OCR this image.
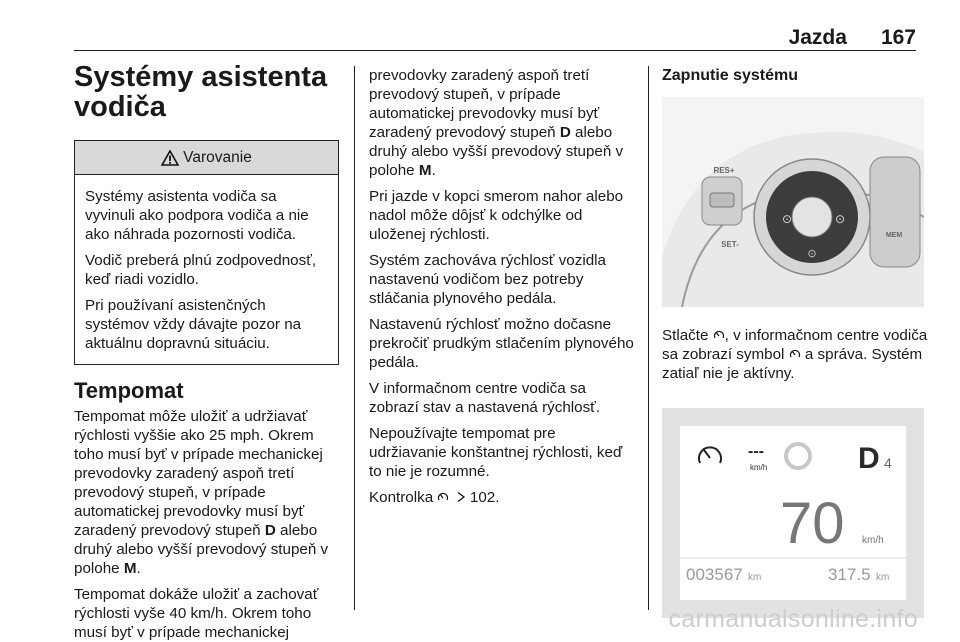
Jazda 167
Systémy asistenta
vodiča
Varovanie

Systémy asistenta vodiča sa vyvinuli ako podpora vodiča a nie ako náhrada pozornosti vodiča.

Vodič preberá plnú zodpovednosť, keď riadi vozidlo.

Pri používaní asistenčných systémov vždy dávajte pozor na aktuálnu dopravnú situáciu.

Tempomat

Tempomat môže uložiť a udržiavať rýchlosti vyššie ako 25 mph. Okrem toho musí byť v prípade mechanickej prevodovky zaradený aspoň tretí prevodový stupeň, v prípade automatickej prevodovky musí byť zaradený prevodový stupeň D alebo druhý alebo vyšší prevodový stupeň v polohe M.

Tempomat dokáže uložiť a zachovať rýchlosti vyše 40 km/h. Okrem toho musí byť v prípade mechanickej

prevodovky zaradený aspoň tretí prevodový stupeň, v prípade automatickej prevodovky musí byť zaradený prevodový stupeň D alebo druhý alebo vyšší prevodový stupeň v polohe M.

Pri jazde v kopci smerom nahor alebo nadol môže dôjsť k odchýlke od uloženej rýchlosti.

Systém zachováva rýchlosť vozidla nastavenú vodičom bez potreby stláčania plynového pedála.

Nastavenú rýchlosť možno dočasne prekročiť prudkým stlačením plynového pedála.

V informačnom centre vodiča sa zobrazí stav a nastavená rýchlosť.

Nepoužívajte tempomat pre udržiavanie konštantnej rýchlosti, keď to nie je rozumné.

Kontrolka 102.

Zapnutie systému
RES+
SET-
⊙	⊙
⊙
MEM

Stlačte , v informačnom centre vodiča sa zobrazí symbol a správa. Systém zatiaľ nie je aktívny.

---
km/h	D 4
70 km/h
003567 km	317.5 km
carmanualsonline.info
